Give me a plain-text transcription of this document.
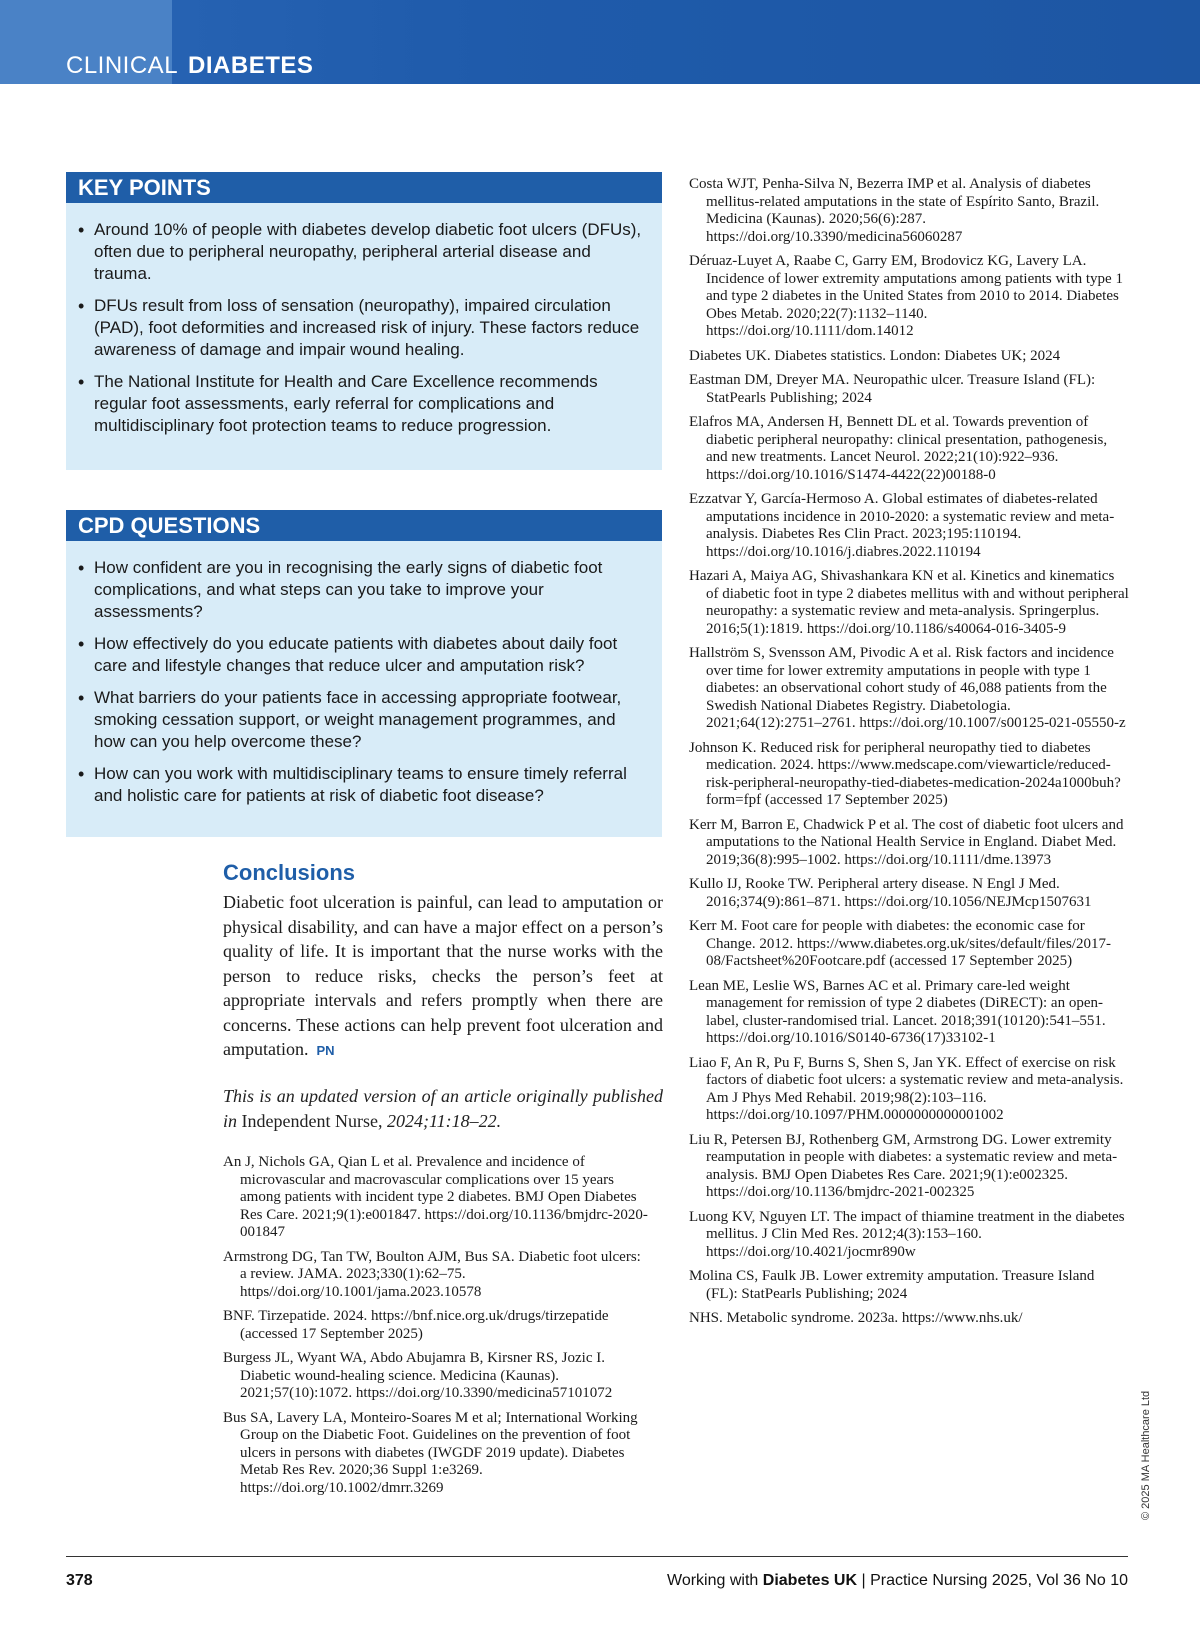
CLINICAL DIABETES
KEY POINTS
• Around 10% of people with diabetes develop diabetic foot ulcers (DFUs), often due to peripheral neuropathy, peripheral arterial disease and trauma.
• DFUs result from loss of sensation (neuropathy), impaired circulation (PAD), foot deformities and increased risk of injury. These factors reduce awareness of damage and impair wound healing.
• The National Institute for Health and Care Excellence recommends regular foot assessments, early referral for complications and multidisciplinary foot protection teams to reduce progression.
CPD QUESTIONS
• How confident are you in recognising the early signs of diabetic foot complications, and what steps can you take to improve your assessments?
• How effectively do you educate patients with diabetes about daily foot care and lifestyle changes that reduce ulcer and amputation risk?
• What barriers do your patients face in accessing appropriate footwear, smoking cessation support, or weight management programmes, and how can you help overcome these?
• How can you work with multidisciplinary teams to ensure timely referral and holistic care for patients at risk of diabetic foot disease?
Conclusions

Diabetic foot ulceration is painful, can lead to amputation or physical disability, and can have a major effect on a person’s quality of life. It is important that the nurse works with the person to reduce risks, checks the person’s feet at appropriate intervals and refers promptly when there are concerns. These actions can help prevent foot ulceration and amputation. PN

This is an updated version of an article originally published in Independent Nurse, 2024;11:18–22.
An J, Nichols GA, Qian L et al. Prevalence and incidence of microvascular and macrovascular complications over 15 years among patients with incident type 2 diabetes. BMJ Open Diabetes Res Care. 2021;9(1):e001847. https://doi.org/10.1136/bmjdrc-2020-001847
Armstrong DG, Tan TW, Boulton AJM, Bus SA. Diabetic foot ulcers: a review. JAMA. 2023;330(1):62–75. https//doi.org/10.1001/jama.2023.10578
BNF. Tirzepatide. 2024. https://bnf.nice.org.uk/drugs/tirzepatide (accessed 17 September 2025)
Burgess JL, Wyant WA, Abdo Abujamra B, Kirsner RS, Jozic I. Diabetic wound-healing science. Medicina (Kaunas). 2021;57(10):1072. https://doi.org/10.3390/medicina57101072
Bus SA, Lavery LA, Monteiro-Soares M et al; International Working Group on the Diabetic Foot. Guidelines on the prevention of foot ulcers in persons with diabetes (IWGDF 2019 update). Diabetes Metab Res Rev. 2020;36 Suppl 1:e3269. https://doi.org/10.1002/dmrr.3269
Costa WJT, Penha-Silva N, Bezerra IMP et al. Analysis of diabetes mellitus-related amputations in the state of Espírito Santo, Brazil. Medicina (Kaunas). 2020;56(6):287. https://doi.org/10.3390/medicina56060287
Déruaz-Luyet A, Raabe C, Garry EM, Brodovicz KG, Lavery LA. Incidence of lower extremity amputations among patients with type 1 and type 2 diabetes in the United States from 2010 to 2014. Diabetes Obes Metab. 2020;22(7):1132–1140. https://doi.org/10.1111/dom.14012
Diabetes UK. Diabetes statistics. London: Diabetes UK; 2024
Eastman DM, Dreyer MA. Neuropathic ulcer. Treasure Island (FL): StatPearls Publishing; 2024
Elafros MA, Andersen H, Bennett DL et al. Towards prevention of diabetic peripheral neuropathy: clinical presentation, pathogenesis, and new treatments. Lancet Neurol. 2022;21(10):922–936. https://doi.org/10.1016/S1474-4422(22)00188-0
Ezzatvar Y, García-Hermoso A. Global estimates of diabetes-related amputations incidence in 2010-2020: a systematic review and meta-analysis. Diabetes Res Clin Pract. 2023;195:110194. https://doi.org/10.1016/j.diabres.2022.110194
Hazari A, Maiya AG, Shivashankara KN et al. Kinetics and kinematics of diabetic foot in type 2 diabetes mellitus with and without peripheral neuropathy: a systematic review and meta-analysis. Springerplus. 2016;5(1):1819. https://doi.org/10.1186/s40064-016-3405-9
Hallström S, Svensson AM, Pivodic A et al. Risk factors and incidence over time for lower extremity amputations in people with type 1 diabetes: an observational cohort study of 46,088 patients from the Swedish National Diabetes Registry. Diabetologia. 2021;64(12):2751–2761. https://doi.org/10.1007/s00125-021-05550-z
Johnson K. Reduced risk for peripheral neuropathy tied to diabetes medication. 2024. https://www.medscape.com/viewarticle/reduced-risk-peripheral-neuropathy-tied-diabetes-medication-2024a1000buh?form=fpf (accessed 17 September 2025)
Kerr M, Barron E, Chadwick P et al. The cost of diabetic foot ulcers and amputations to the National Health Service in England. Diabet Med. 2019;36(8):995–1002. https://doi.org/10.1111/dme.13973
Kullo IJ, Rooke TW. Peripheral artery disease. N Engl J Med. 2016;374(9):861–871. https://doi.org/10.1056/NEJMcp1507631
Kerr M. Foot care for people with diabetes: the economic case for Change. 2012. https://www.diabetes.org.uk/sites/default/files/2017-08/Factsheet%20Footcare.pdf (accessed 17 September 2025)
Lean ME, Leslie WS, Barnes AC et al. Primary care-led weight management for remission of type 2 diabetes (DiRECT): an open-label, cluster-randomised trial. Lancet. 2018;391(10120):541–551. https://doi.org/10.1016/S0140-6736(17)33102-1
Liao F, An R, Pu F, Burns S, Shen S, Jan YK. Effect of exercise on risk factors of diabetic foot ulcers: a systematic review and meta-analysis. Am J Phys Med Rehabil. 2019;98(2):103–116. https://doi.org/10.1097/PHM.0000000000001002
Liu R, Petersen BJ, Rothenberg GM, Armstrong DG. Lower extremity reamputation in people with diabetes: a systematic review and meta-analysis. BMJ Open Diabetes Res Care. 2021;9(1):e002325. https://doi.org/10.1136/bmjdrc-2021-002325
Luong KV, Nguyen LT. The impact of thiamine treatment in the diabetes mellitus. J Clin Med Res. 2012;4(3):153–160. https://doi.org/10.4021/jocmr890w
Molina CS, Faulk JB. Lower extremity amputation. Treasure Island (FL): StatPearls Publishing; 2024
NHS. Metabolic syndrome. 2023a. https://www.nhs.uk/
© 2025 MA Healthcare Ltd
378	Working with Diabetes UK | Practice Nursing 2025, Vol 36 No 10
